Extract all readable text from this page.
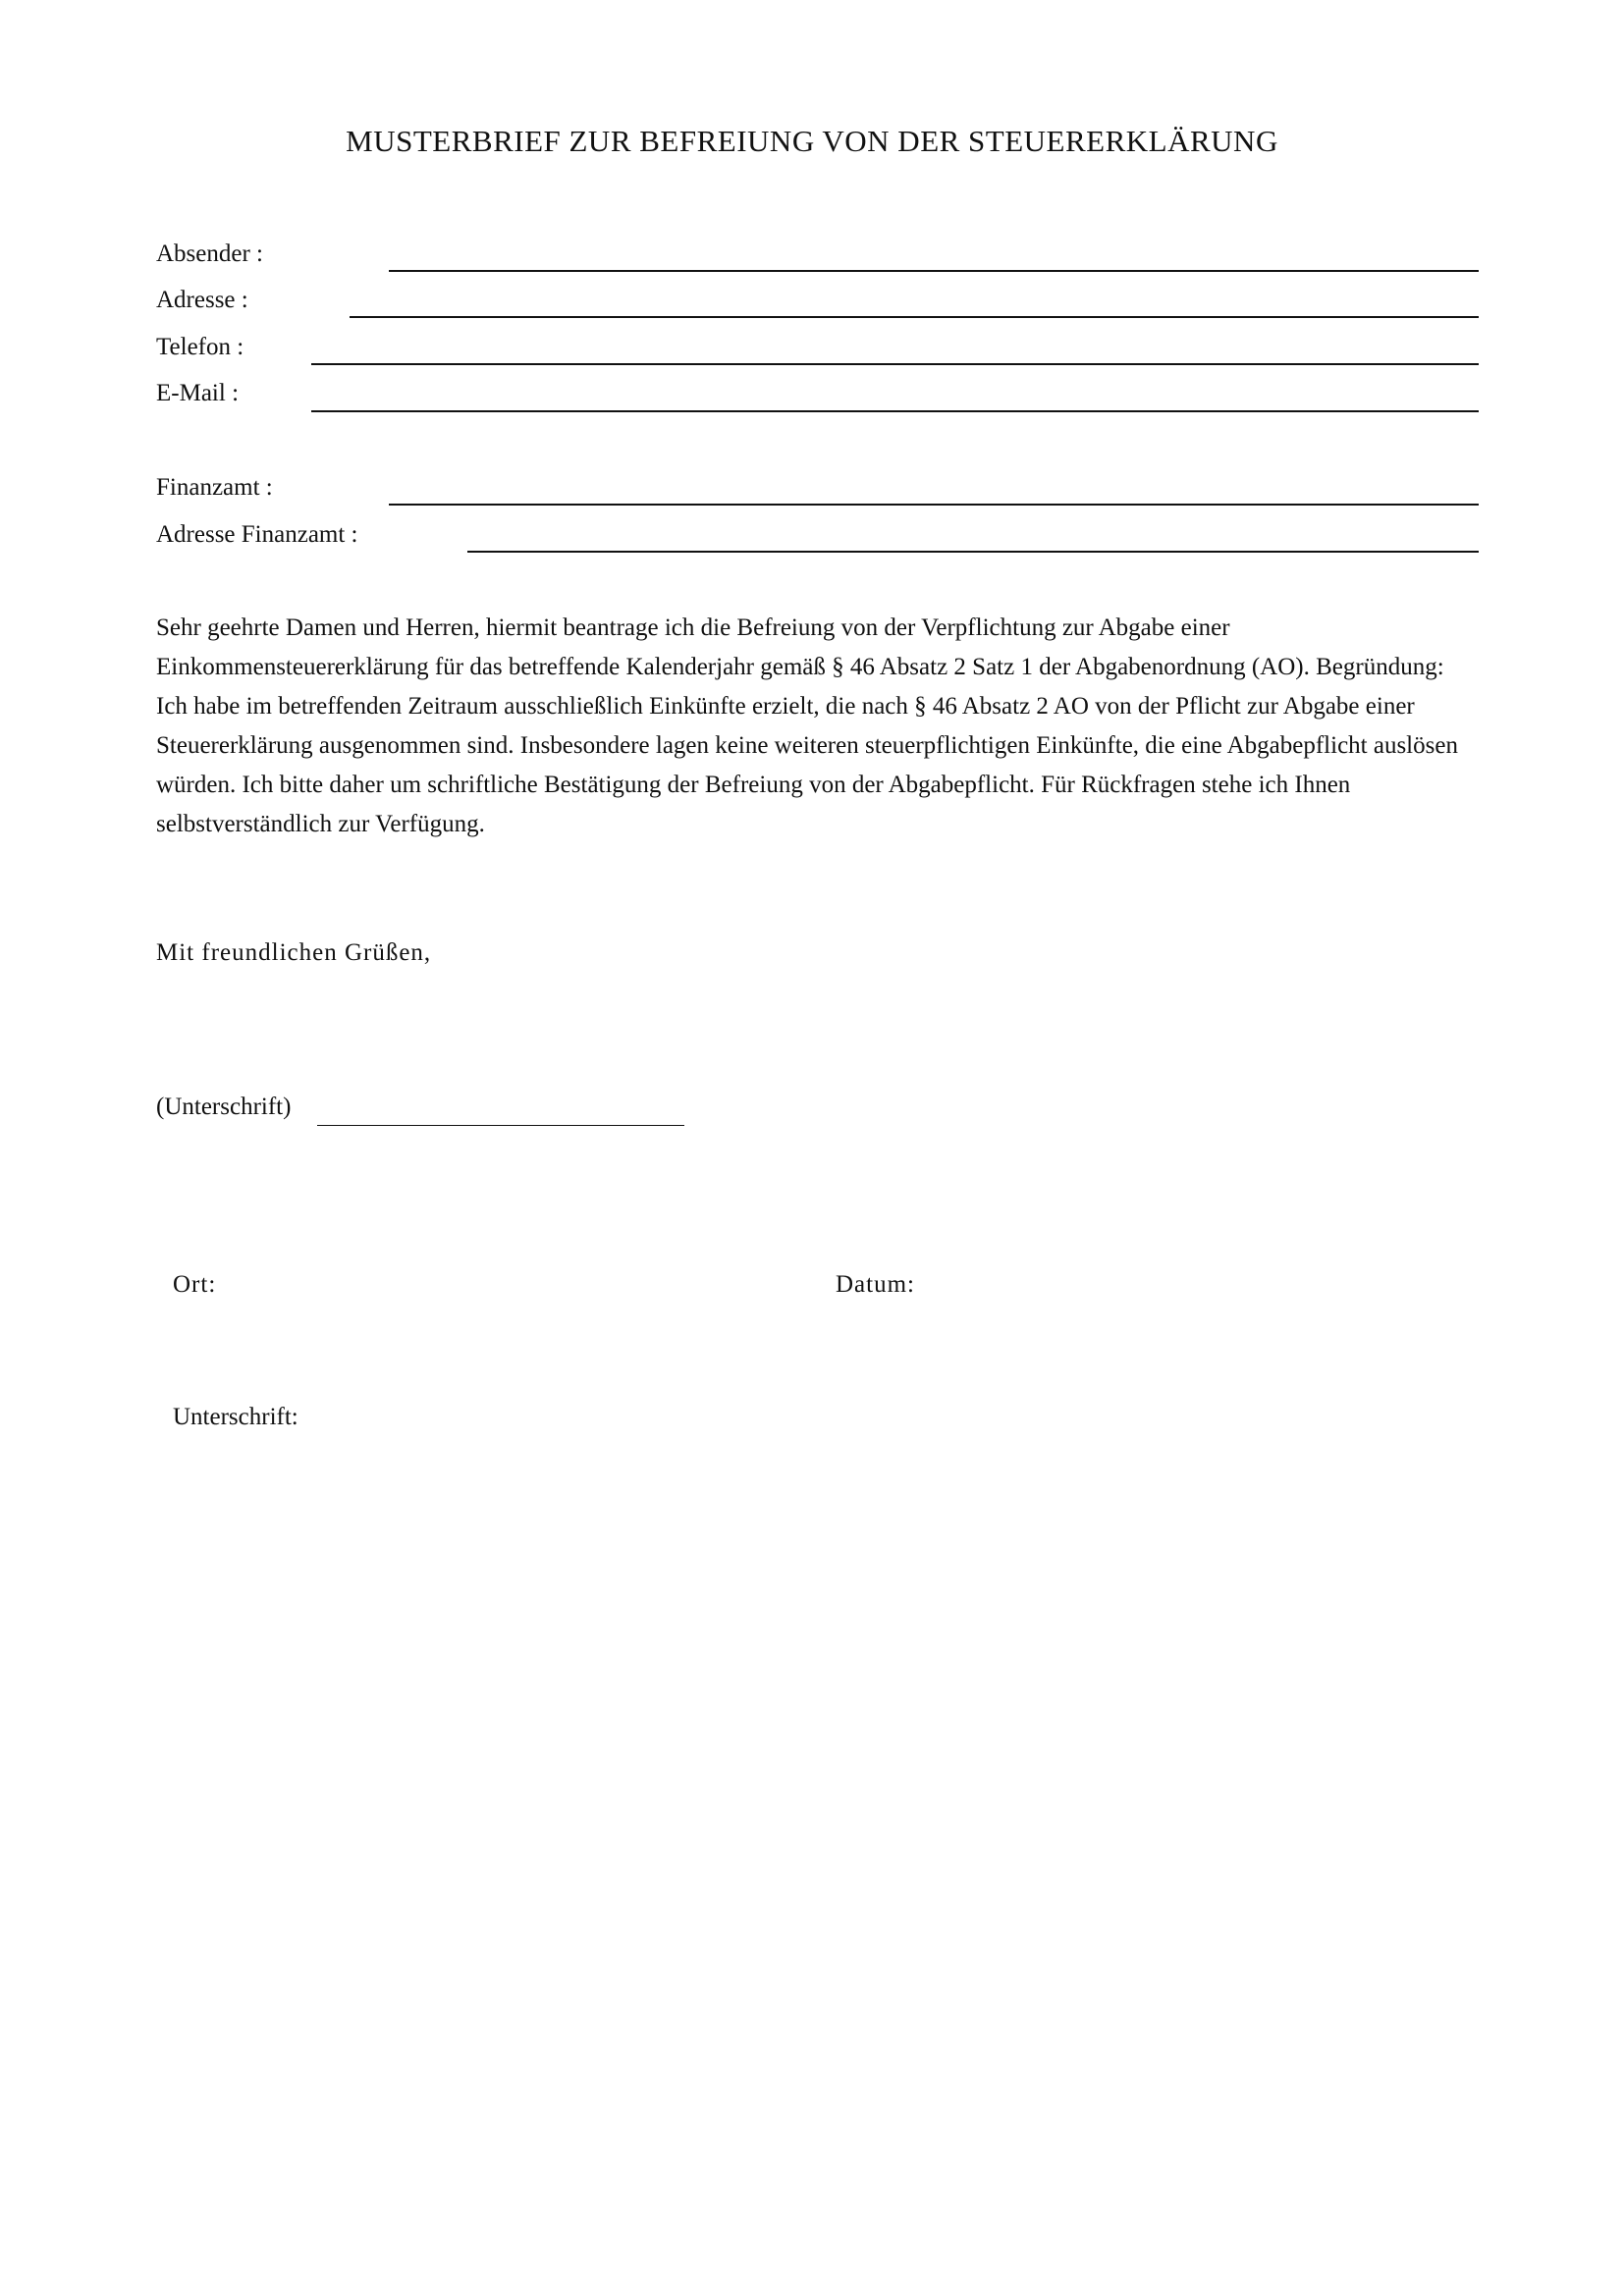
MUSTERBRIEF ZUR BEFREIUNG VON DER STEUERERKLÄRUNG
Absender :
Adresse :
Telefon :
E-Mail :
Finanzamt :
Adresse Finanzamt :
Sehr geehrte Damen und Herren, hiermit beantrage ich die Befreiung von der Verpflichtung zur Abgabe einer Einkommensteuererklärung für das betreffende Kalenderjahr gemäß § 46 Absatz 2 Satz 1 der Abgabenordnung (AO). Begründung: Ich habe im betreffenden Zeitraum ausschließlich Einkünfte erzielt, die nach § 46 Absatz 2 AO von der Pflicht zur Abgabe einer Steuererklärung ausgenommen sind. Insbesondere lagen keine weiteren steuerpflichtigen Einkünfte, die eine Abgabepflicht auslösen würden. Ich bitte daher um schriftliche Bestätigung der Befreiung von der Abgabepflicht. Für Rückfragen stehe ich Ihnen selbstverständlich zur Verfügung.
Mit freundlichen Grüßen,
(Unterschrift)
Ort:	Datum:
Unterschrift:
